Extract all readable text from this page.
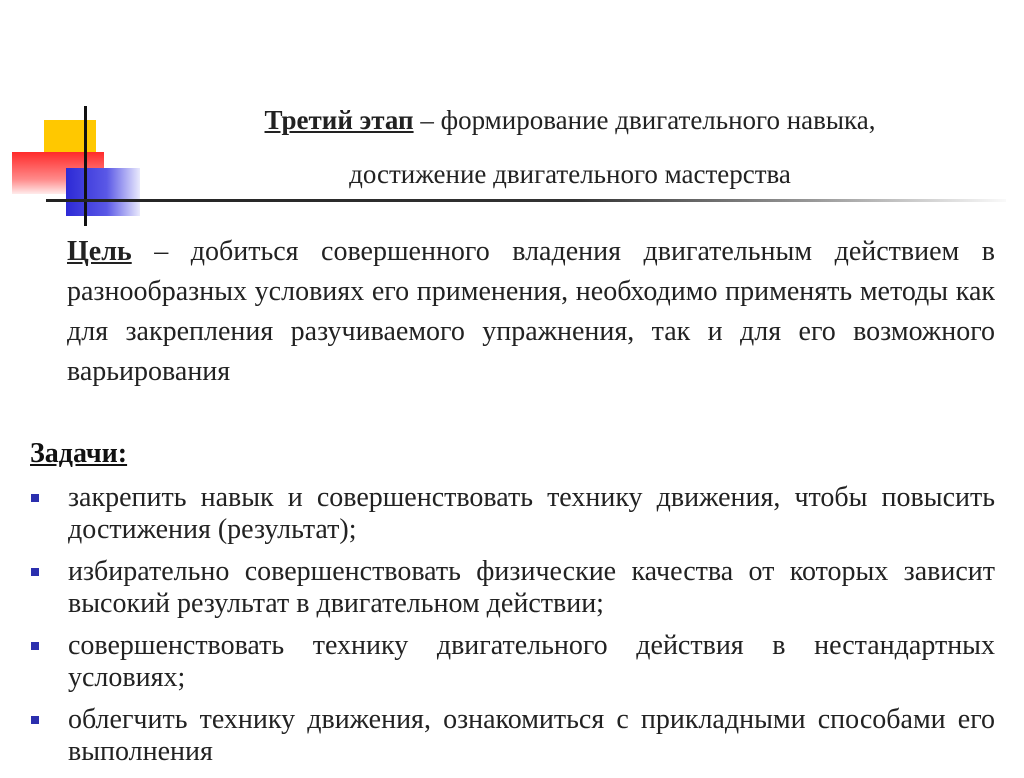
Третий этап – формирование двигательного навыка,
достижение двигательного мастерства
Цель – добиться совершенного владения двигательным действием в разнообразных условиях его применения, необходимо применять методы как для закрепления разучиваемого упражнения, так и для его возможного варьирования
Задачи:
закрепить навык и совершенствовать технику движения, чтобы повысить достижения (результат);
избирательно совершенствовать физические качества от которых зависит высокий результат в двигательном действии;
совершенствовать технику двигательного действия в нестандартных условиях;
облегчить технику движения, ознакомиться с прикладными способами его выполнения
